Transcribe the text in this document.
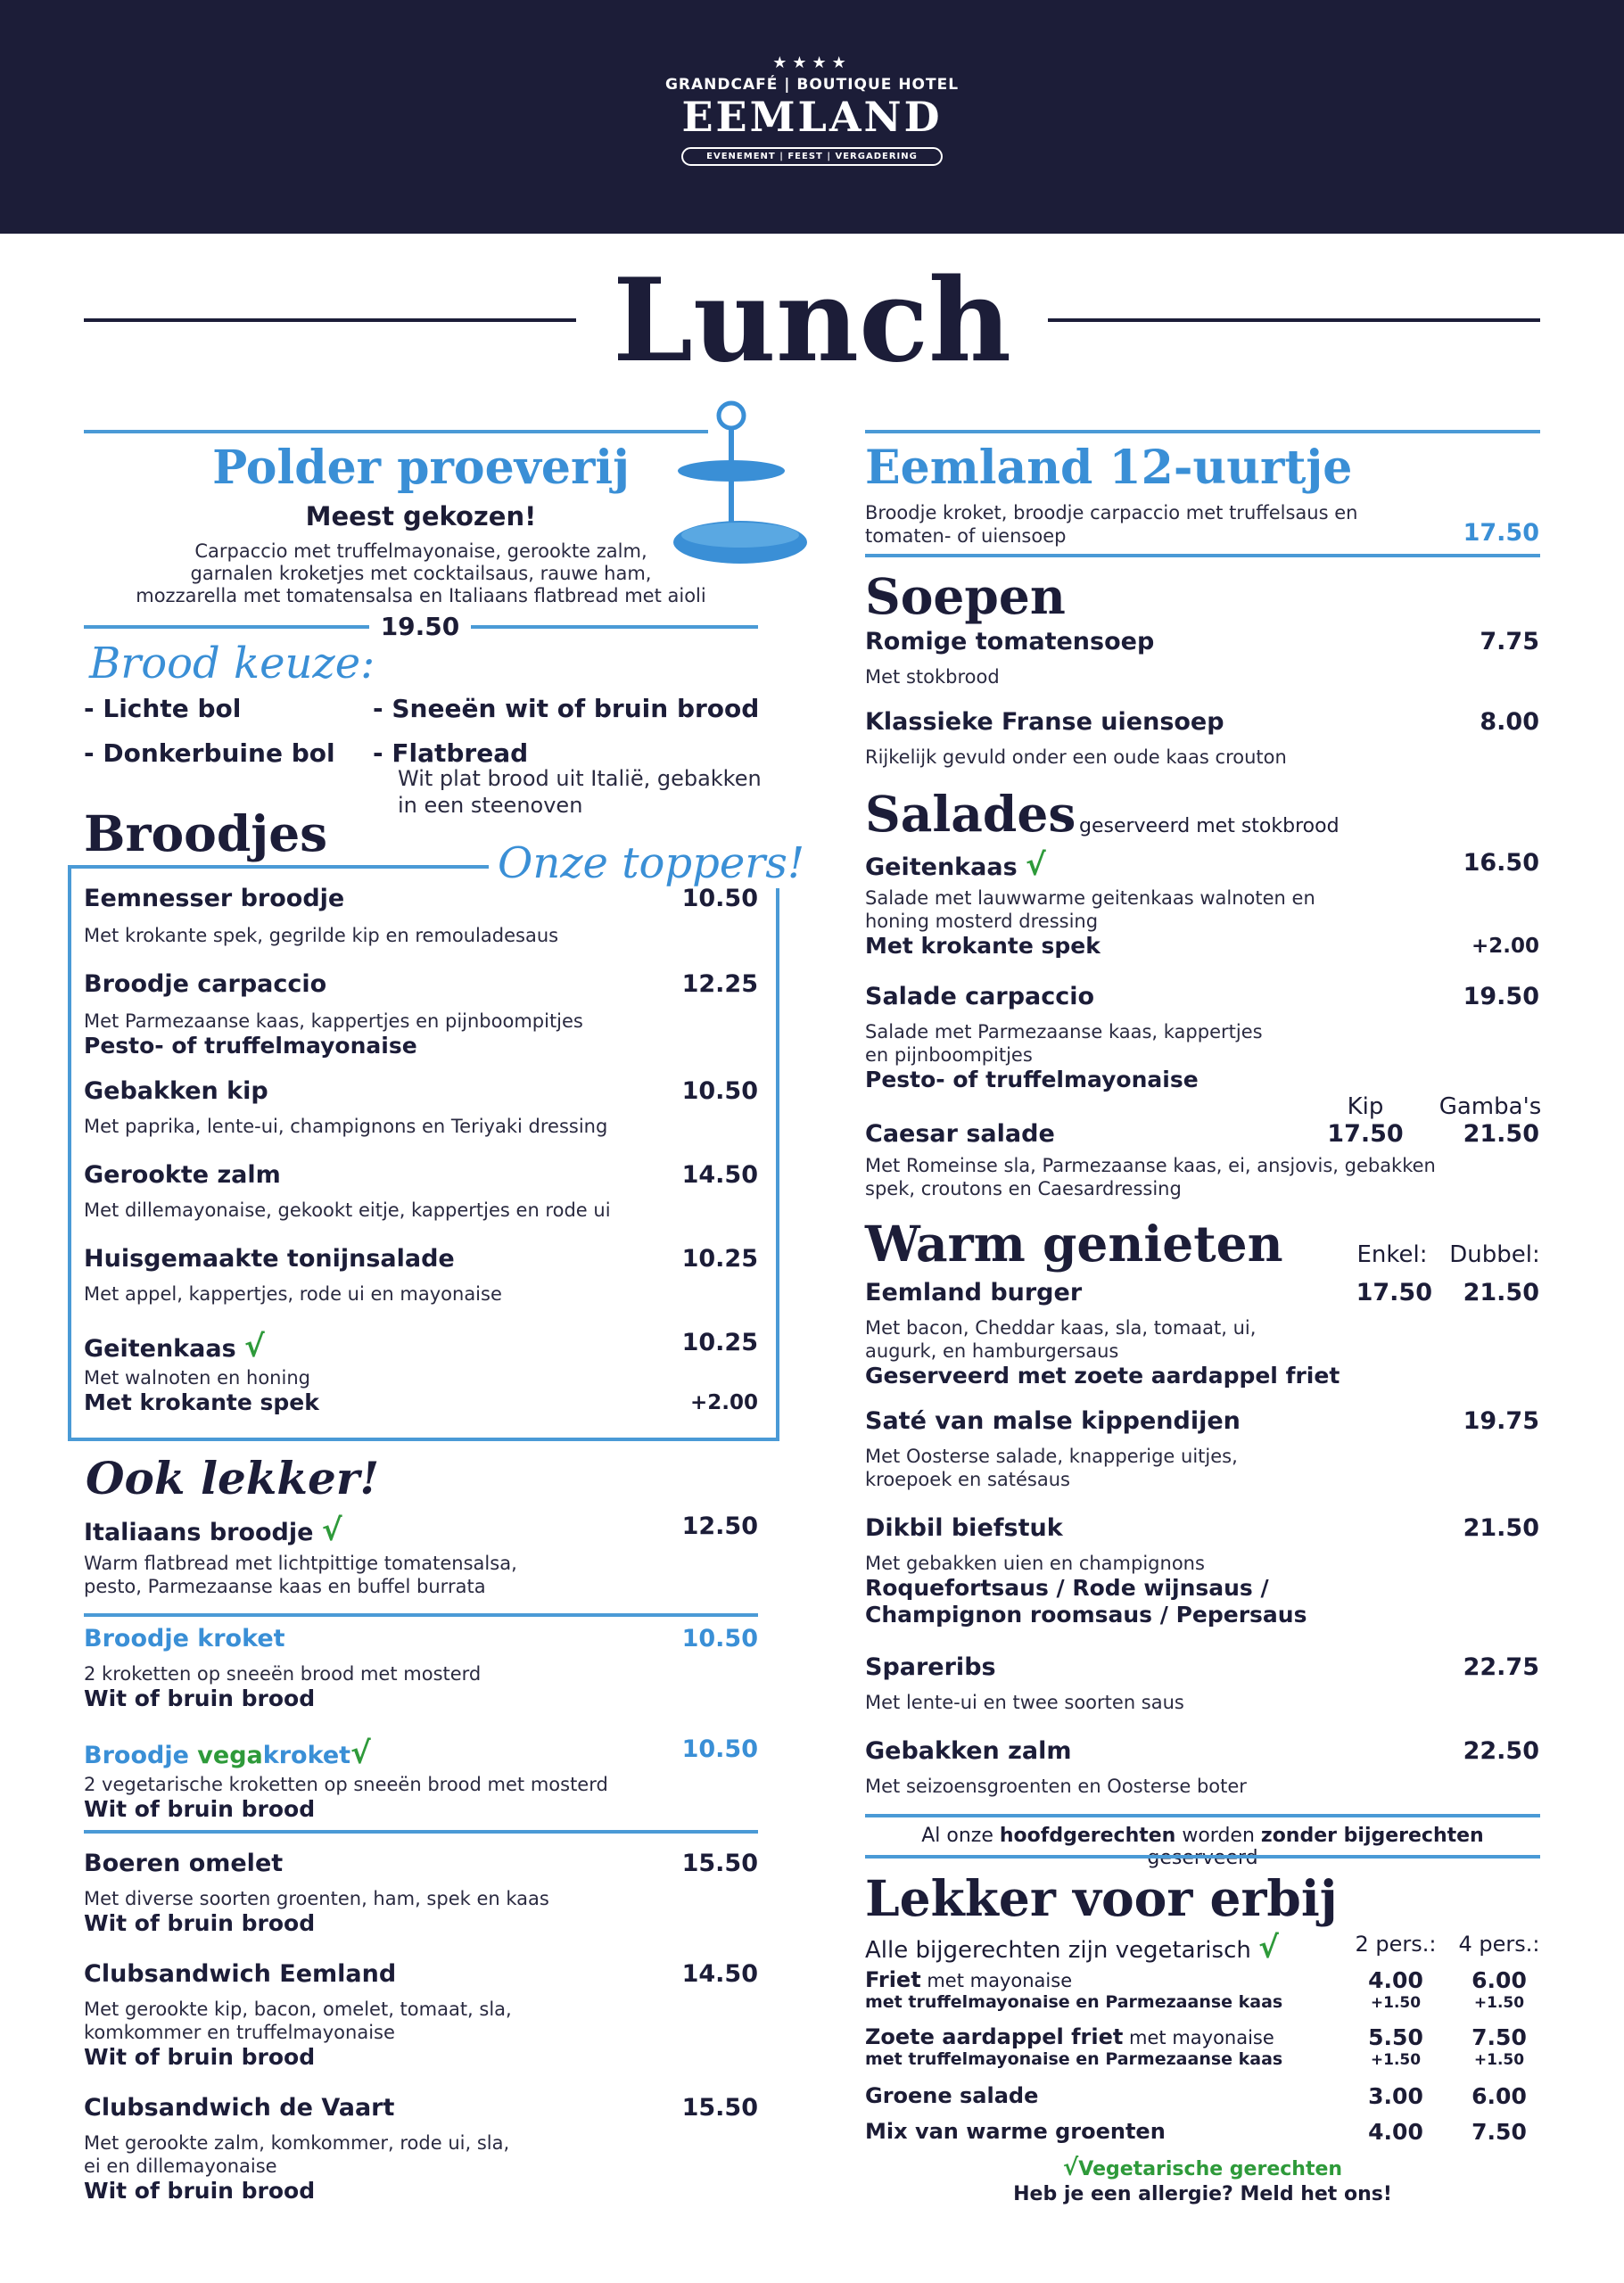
★★★★
GRANDCAFÉ | BOUTIQUE HOTEL
EEMLAND
EVENEMENT | FEEST | VERGADERING
Lunch
Polder proeverij
Meest gekozen!
Carpaccio met truffelmayonaise, gerookte zalm,
garnalen kroketjes met cocktailsaus, rauwe ham,
mozzarella met tomatensalsa en Italiaans flatbread met aioli
19.50
Brood keuze:
- Lichte bol	- Sneeën wit of bruin brood
- Donkerbuine bol - Flatbread
Wit plat brood uit Italië, gebakken in een steenoven
Broodjes
Onze toppers!
Eemnesser broodje	10.50
Met krokante spek, gegrilde kip en remouladesaus
Broodje carpaccio	12.25
Met Parmezaanse kaas, kappertjes en pijnboompitjes
Pesto- of truffelmayonaise
Gebakken kip	10.50
Met paprika, lente-ui, champignons en Teriyaki dressing
Gerookte zalm	14.50
Met dillemayonaise, gekookt eitje, kappertjes en rode ui
Huisgemaakte tonijnsalade	10.25
Met appel, kappertjes, rode ui en mayonaise
Geitenkaas √	10.25
Met walnoten en honing
Met krokante spek	+2.00
Ook lekker!
Italiaans broodje √	12.50
Warm flatbread met lichtpittige tomatensalsa,
pesto, Parmezaanse kaas en buffel burrata
Broodje kroket	10.50
2 kroketten op sneeën brood met mosterd
Wit of bruin brood
Broodje vegakroket√	10.50
2 vegetarische kroketten op sneeën brood met mosterd
Wit of bruin brood
Boeren omelet	15.50
Met diverse soorten groenten, ham, spek en kaas
Wit of bruin brood
Clubsandwich Eemland	14.50
Met gerookte kip, bacon, omelet, tomaat, sla,
komkommer en truffelmayonaise
Wit of bruin brood
Clubsandwich de Vaart	15.50
Met gerookte zalm, komkommer, rode ui, sla,
ei en dillemayonaise
Wit of bruin brood
Eemland 12-uurtje
Broodje kroket, broodje carpaccio met truffelsaus en
tomaten- of uiensoep	17.50
Soepen
Romige tomatensoep	7.75
Met stokbrood
Klassieke Franse uiensoep	8.00
Rijkelijk gevuld onder een oude kaas crouton
Salades geserveerd met stokbrood
Geitenkaas √	16.50
Salade met lauwwarme geitenkaas walnoten en
honing mosterd dressing
Met krokante spek	+2.00
Salade carpaccio	19.50
Salade met Parmezaanse kaas, kappertjes
en pijnboompitjes
Pesto- of truffelmayonaise
Kip	Gamba's
Caesar salade	17.50	21.50
Met Romeinse sla, Parmezaanse kaas, ei, ansjovis, gebakken
spek, croutons en Caesardressing
Warm genieten	Enkel: Dubbel:
Eemland burger	17.50	21.50
Met bacon, Cheddar kaas, sla, tomaat, ui,
augurk, en hamburgersaus
Geserveerd met zoete aardappel friet
Saté van malse kippendijen	19.75
Met Oosterse salade, knapperige uitjes,
kroepoek en satésaus
Dikbil biefstuk	21.50
Met gebakken uien en champignons
Roquefortsaus / Rode wijnsaus /
Champignon roomsaus / Pepersaus
Spareribs	22.75
Met lente-ui en twee soorten saus
Gebakken zalm	22.50
Met seizoensgroenten en Oosterse boter
Al onze hoofdgerechten worden zonder bijgerechten
Lekker voor erbij
Alle bijgerechten zijn vegetarisch √	2 pers.:	4 pers.:
Friet met mayonaise
met truffelmayonaise en Parmezaanse kaas
4.00	6.00
+1.50	+1.50
Zoete aardappel friet met mayonaise
met truffelmayonaise en Parmezaanse kaas
5.50	7.50
+1.50	+1.50
Groene salade	3.00	6.00
Mix van warme groenten	4.00	7.50
√Vegetarische gerechten
Heb je een allergie? Meld het ons!
